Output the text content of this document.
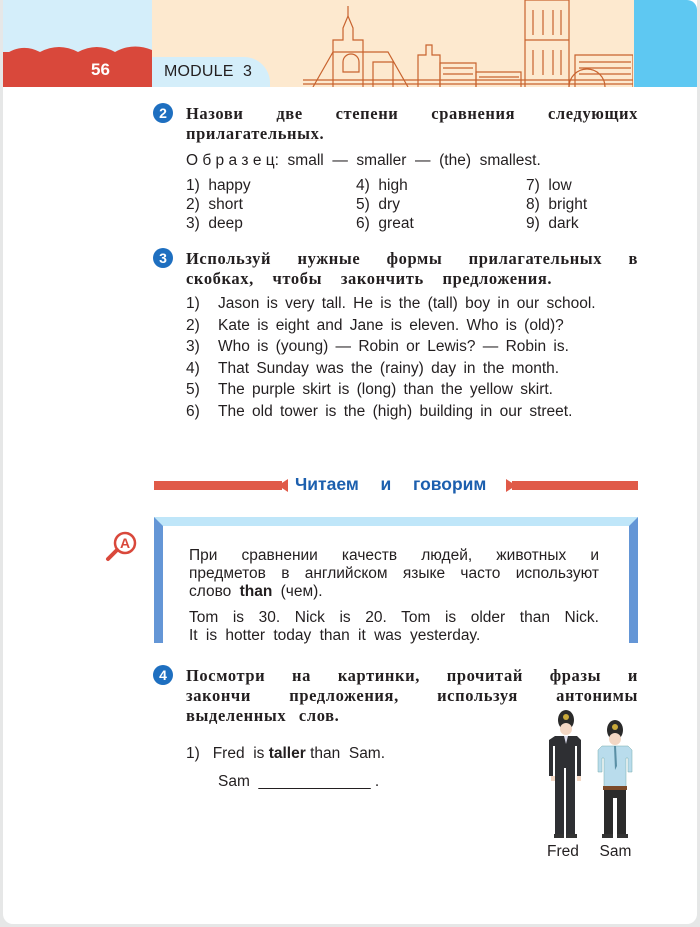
56	MODULE  3
2	Назови две степени сравнения следующих прилагательных.
О б р а з е ц:  small  —  smaller  —  (the)  smallest.
1) happy	4) high	7) low
2) short	5) dry	8) bright
3) deep	6) great	9) dark
3	Используй нужные формы прилагательных в скобках, чтобы закончить предложения.
1)	Jason is very tall. He is the (tall) boy in our school.
2)	Kate is eight and Jane is eleven. Who is (old)?
3)	Who is (young) — Robin or Lewis? — Robin is.
4)	That Sunday was the (rainy) day in the month.
5)	The purple skirt is (long) than the yellow skirt.
6)	The old tower is the (high) building in our street.
Читаем  и  говорим
A

При сравнении качеств людей, животных и предметов в английском языке часто используют слово than (чем).

Tom is 30. Nick is 20. Tom is older than Nick.
It is hotter today than it was yesterday.

4	Посмотри на картинки, прочитай фразы и закончи предложения, используя антонимы выделенных слов.
1) Fred  is taller than  Sam.
Sam _____________ .
Fred Sam
